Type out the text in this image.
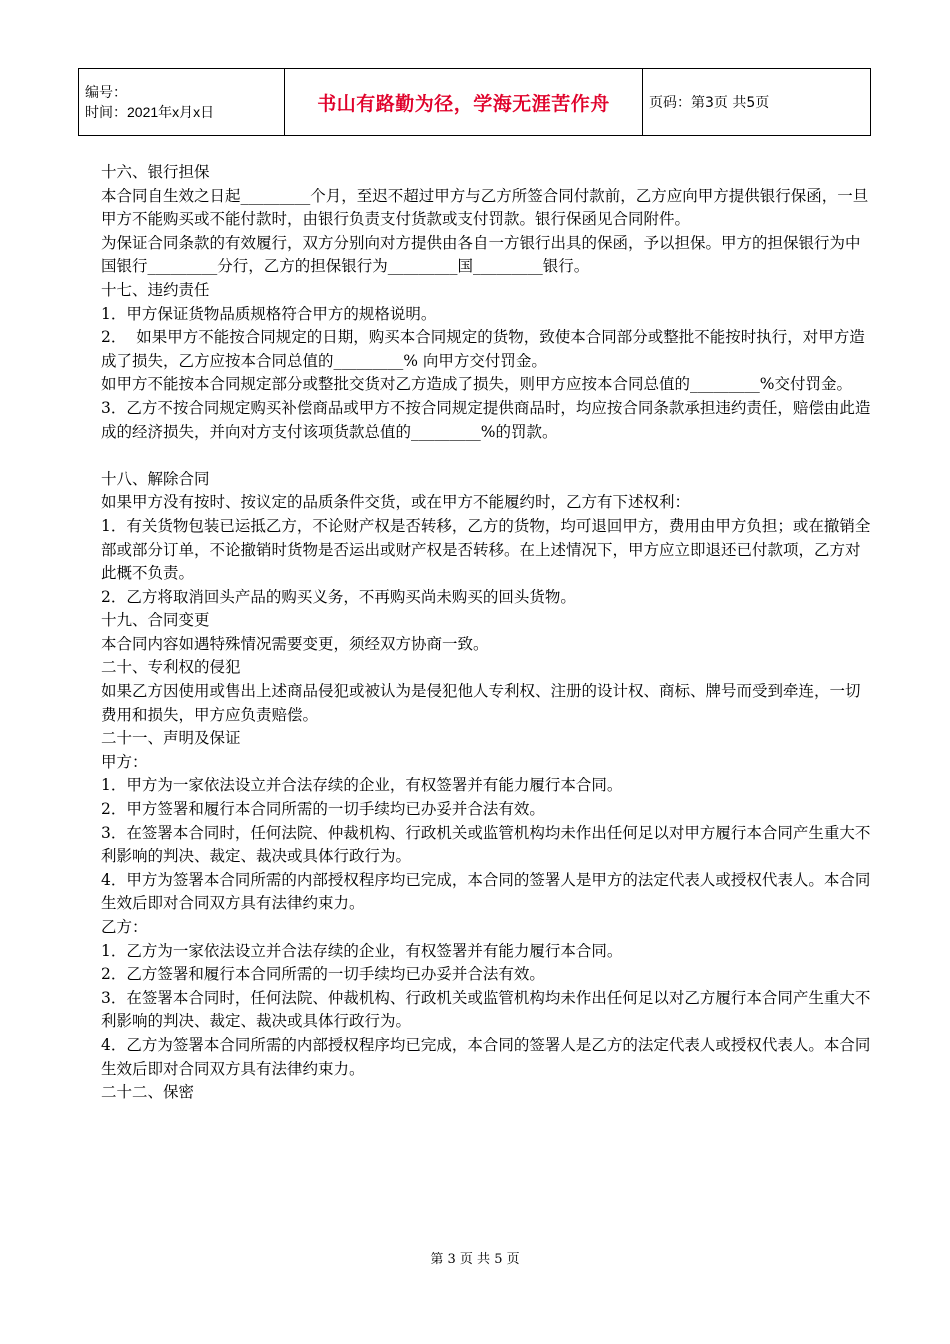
编号：
时间：2021年x月x日	书山有路勤为径，学海无涯苦作舟	页码：第3页 共5页

十六、银行担保

本合同自生效之日起_________个月，至迟不超过甲方与乙方所签合同付款前，乙方应向甲方提供银行保函，一旦甲方不能购买或不能付款时，由银行负责支付货款或支付罚款。银行保函见合同附件。

为保证合同条款的有效履行，双方分别向对方提供由各自一方银行出具的保函，予以担保。甲方的担保银行为中国银行_________分行，乙方的担保银行为_________国_________银行。

十七、违约责任

1．甲方保证货物品质规格符合甲方的规格说明。

2．  如果甲方不能按合同规定的日期，购买本合同规定的货物，致使本合同部分或整批不能按时执行，对甲方造成了损失，乙方应按本合同总值的_________% 向甲方交付罚金。

如甲方不能按本合同规定部分或整批交货对乙方造成了损失，则甲方应按本合同总值的_________%交付罚金。

3．乙方不按合同规定购买补偿商品或甲方不按合同规定提供商品时，均应按合同条款承担违约责任，赔偿由此造成的经济损失，并向对方支付该项货款总值的_________%的罚款。

十八、解除合同

如果甲方没有按时、按议定的品质条件交货，或在甲方不能履约时，乙方有下述权利：

1．有关货物包装已运抵乙方，不论财产权是否转移，乙方的货物，均可退回甲方，费用由甲方负担；或在撤销全部或部分订单，不论撤销时货物是否运出或财产权是否转移。在上述情况下，甲方应立即退还已付款项，乙方对此概不负责。

2．乙方将取消回头产品的购买义务，不再购买尚未购买的回头货物。

十九、合同变更

本合同内容如遇特殊情况需要变更，须经双方协商一致。

二十、专利权的侵犯

如果乙方因使用或售出上述商品侵犯或被认为是侵犯他人专利权、注册的设计权、商标、牌号而受到牵连，一切费用和损失，甲方应负责赔偿。

二十一、声明及保证

甲方：

1．甲方为一家依法设立并合法存续的企业，有权签署并有能力履行本合同。

2．甲方签署和履行本合同所需的一切手续均已办妥并合法有效。

3．在签署本合同时，任何法院、仲裁机构、行政机关或监管机构均未作出任何足以对甲方履行本合同产生重大不利影响的判决、裁定、裁决或具体行政行为。

4．甲方为签署本合同所需的内部授权程序均已完成，本合同的签署人是甲方的法定代表人或授权代表人。本合同生效后即对合同双方具有法律约束力。

乙方：

1．乙方为一家依法设立并合法存续的企业，有权签署并有能力履行本合同。

2．乙方签署和履行本合同所需的一切手续均已办妥并合法有效。

3．在签署本合同时，任何法院、仲裁机构、行政机关或监管机构均未作出任何足以对乙方履行本合同产生重大不利影响的判决、裁定、裁决或具体行政行为。

4．乙方为签署本合同所需的内部授权程序均已完成，本合同的签署人是乙方的法定代表人或授权代表人。本合同生效后即对合同双方具有法律约束力。

二十二、保密

第 3 页 共 5 页
